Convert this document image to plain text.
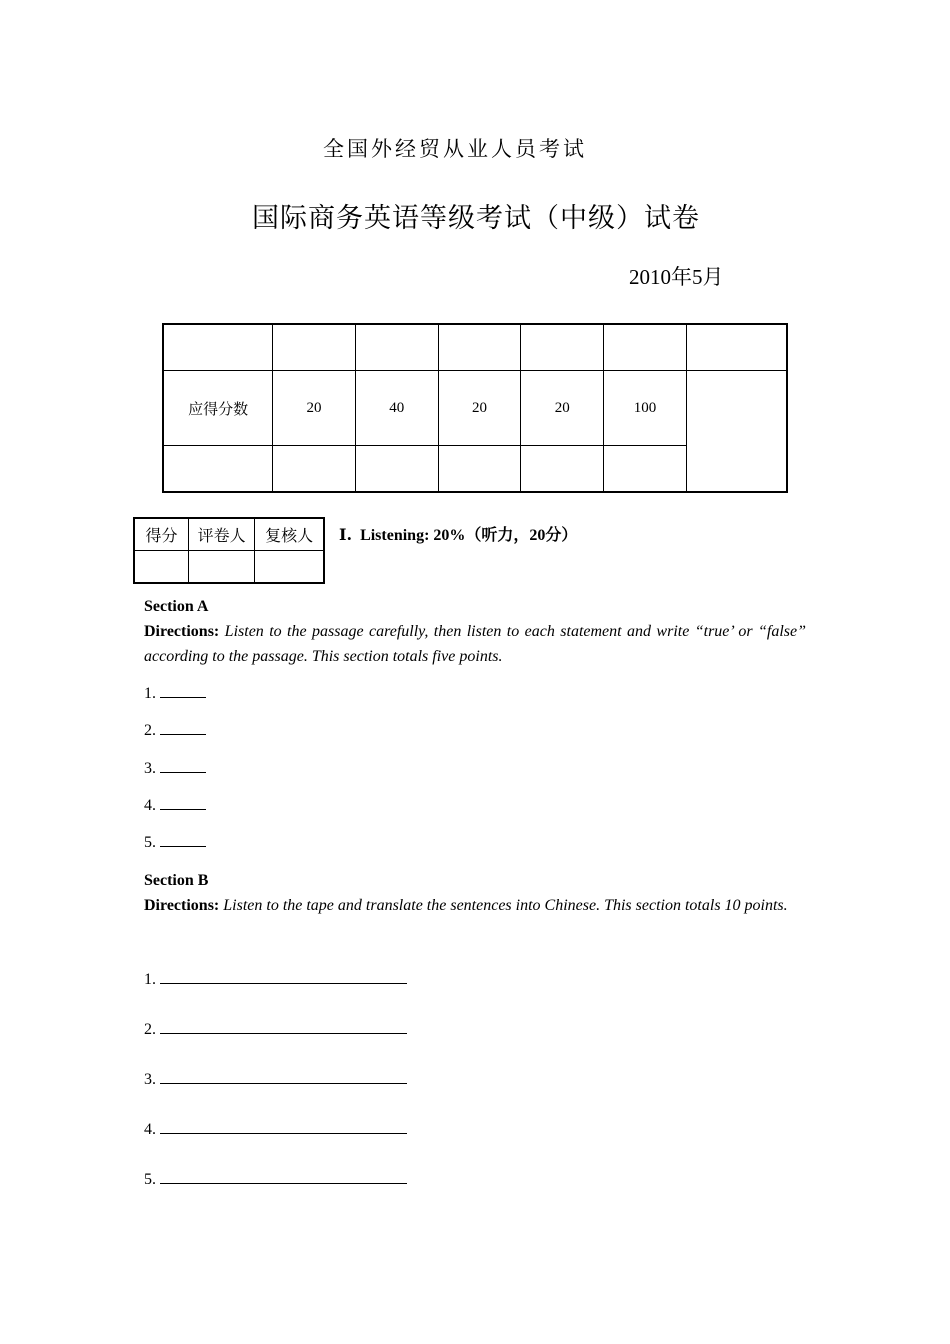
全国外经贸从业人员考试
国际商务英语等级考试（中级）试卷
2010年5月

应得分数	20	40	20	20	100	

得分	评卷人	复核人
		I. Listening: 20%（听力，20分）
Section A
Directions: Listen to the passage carefully, then listen to each statement and write “true’ or “false” according to the passage. This section totals five points.
1.
2.
3.
4.
5.
Section B
Directions: Listen to the tape and translate the sentences into Chinese. This section totals 10 points.
1.
2.
3.
4.
5.
